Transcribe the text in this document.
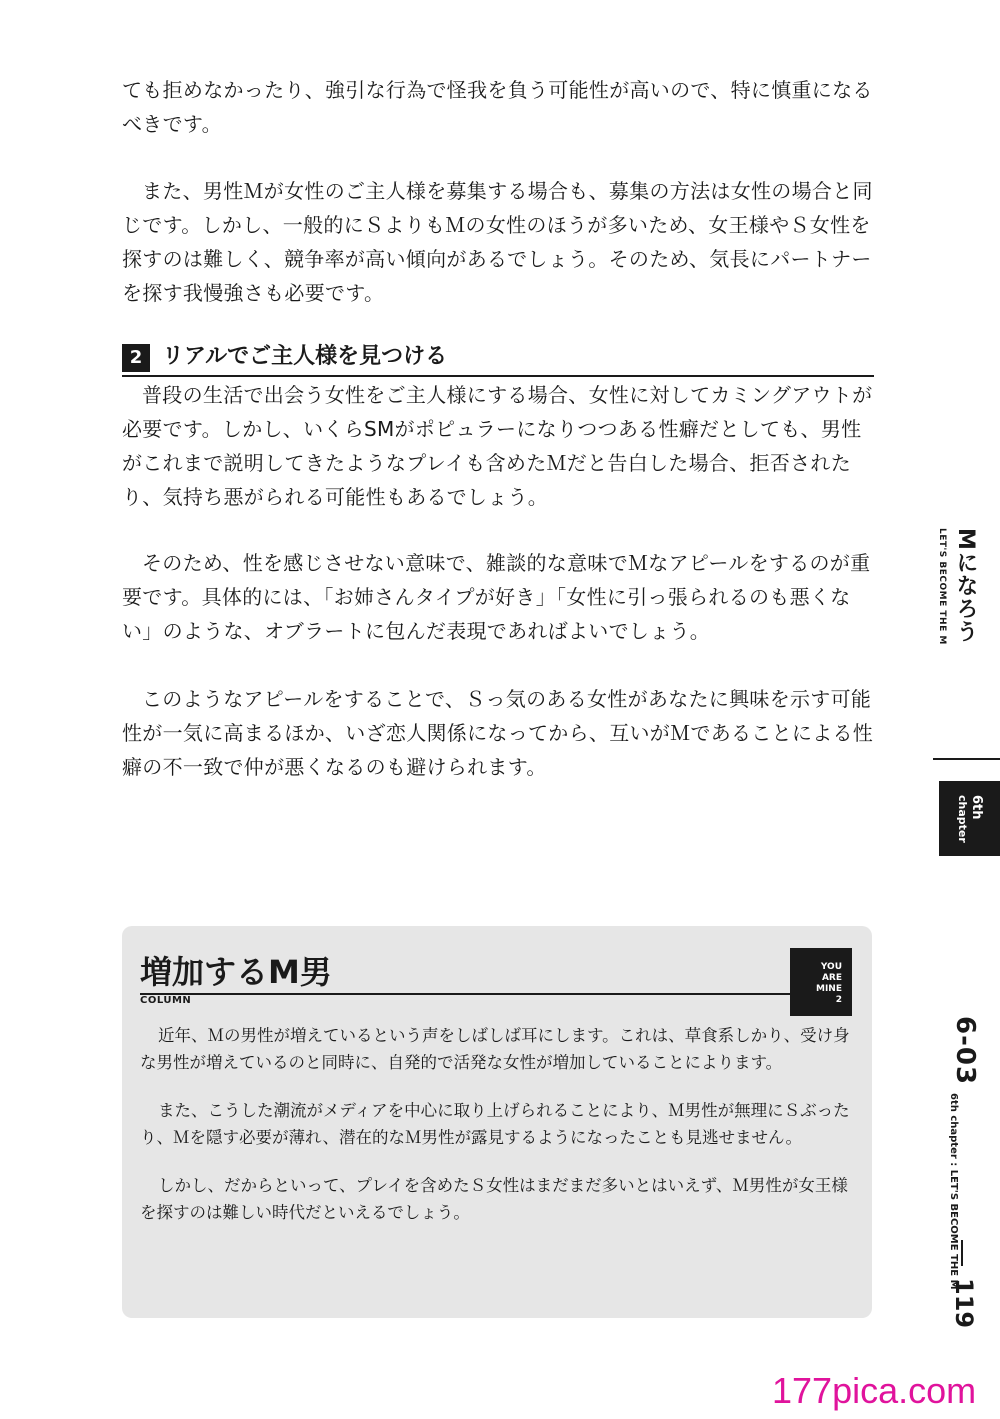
ても拒めなかったり、強引な行為で怪我を負う可能性が高いので、特に慎重になるべきです。
また、男性Ｍが女性のご主人様を募集する場合も、募集の方法は女性の場合と同じです。しかし、一般的にＳよりもＭの女性のほうが多いため、女王様やＳ女性を探すのは難しく、競争率が高い傾向があるでしょう。そのため、気長にパートナーを探す我慢強さも必要です。
2 リアルでご主人様を見つける
普段の生活で出会う女性をご主人様にする場合、女性に対してカミングアウトが必要です。しかし、いくらSMがポピュラーになりつつある性癖だとしても、男性がこれまで説明してきたようなプレイも含めたＭだと告白した場合、拒否されたり、気持ち悪がられる可能性もあるでしょう。
そのため、性を感じさせない意味で、雑談的な意味でＭなアピールをするのが重要です。具体的には、「お姉さんタイプが好き」「女性に引っ張られるのも悪くない」のような、オブラートに包んだ表現であればよいでしょう。
このようなアピールをすることで、Ｓっ気のある女性があなたに興味を示す可能性が一気に高まるほか、いざ恋人関係になってから、互いがＭであることによる性癖の不一致で仲が悪くなるのも避けられます。
増加するM男
COLUMN
YOU
ARE
MINE
2
近年、Ｍの男性が増えているという声をしばしば耳にします。これは、草食系しかり、受け身な男性が増えているのと同時に、自発的で活発な女性が増加していることによります。
また、こうした潮流がメディアを中心に取り上げられることにより、Ｍ男性が無理にＳぶったり、Ｍを隠す必要が薄れ、潜在的なＭ男性が露見するようになったことも見逃せません。
しかし、だからといって、プレイを含めたＳ女性はまだまだ多いとはいえず、Ｍ男性が女王様を探すのは難しい時代だといえるでしょう。
Mになろう
LET'S BECOME THE M
6th
chapter
6-03
6th chapter : LET'S BECOME THE M
119
177pica.com
